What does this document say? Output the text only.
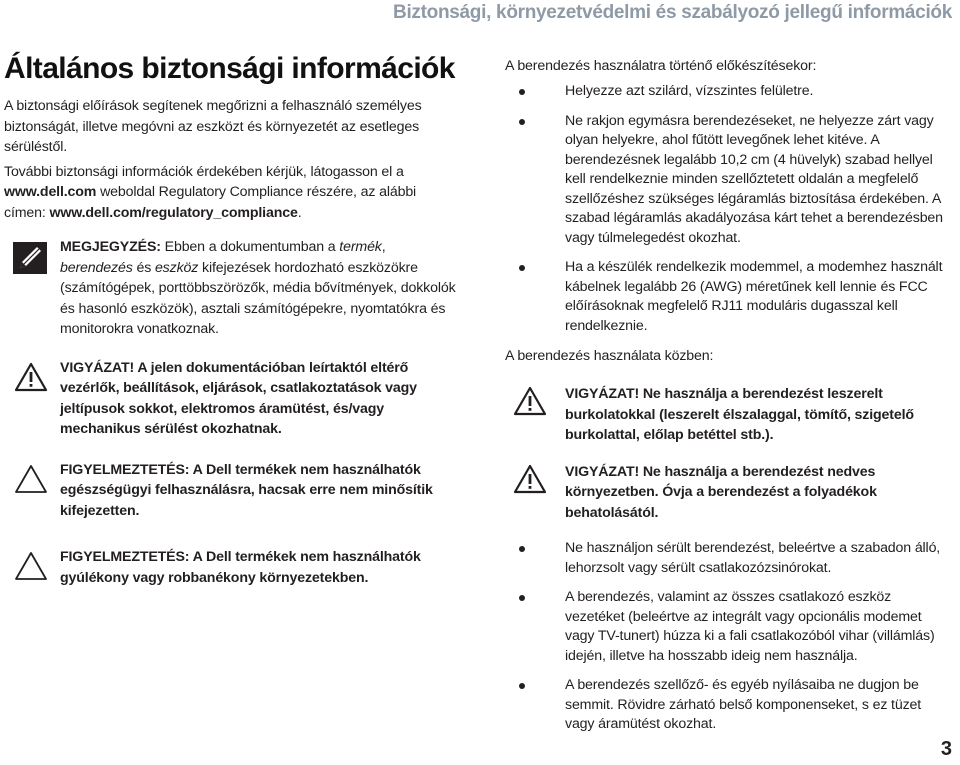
Biztonsági, környezetvédelmi és szabályozó jellegű információk
Általános biztonsági információk

A biztonsági előírások segítenek megőrizni a felhasználó személyes biztonságát, illetve megóvni az eszközt és környezetét az esetleges sérüléstől.

További biztonsági információk érdekében kérjük, látogasson el a www.dell.com weboldal Regulatory Compliance részére, az alábbi címen: www.dell.com/regulatory_compliance.

MEGJEGYZÉS: Ebben a dokumentumban a termék, berendezés és eszköz kifejezések hordozható eszközökre (számítógépek, porttöbbszörözők, média bővítmények, dokkolók és hasonló eszközök), asztali számítógépekre, nyomtatókra és monitorokra vonatkoznak.
VIGYÁZAT! A jelen dokumentációban leírtaktól eltérő vezérlők, beállítások, eljárások, csatlakoztatások vagy jeltípusok sokkot, elektromos áramütést, és/vagy mechanikus sérülést okozhatnak.
FIGYELMEZTETÉS: A Dell termékek nem használhatók egészségügyi felhasználásra, hacsak erre nem minősítik kifejezetten.
FIGYELMEZTETÉS: A Dell termékek nem használhatók gyúlékony vagy robbanékony környezetekben.

A berendezés használatra történő előkészítésekor:

Helyezze azt szilárd, vízszintes felületre.
Ne rakjon egymásra berendezéseket, ne helyezze zárt vagy olyan helyekre, ahol fűtött levegőnek lehet kitéve. A berendezésnek legalább 10,2 cm (4 hüvelyk) szabad hellyel kell rendelkeznie minden szellőztetett oldalán a megfelelő szellőzéshez szükséges légáramlás biztosítása érdekében. A szabad légáramlás akadályozása kárt tehet a berendezésben vagy túlmelegedést okozhat.
Ha a készülék rendelkezik modemmel, a modemhez használt kábelnek legalább 26 (AWG) méretűnek kell lennie és FCC előírásoknak megfelelő RJ11 moduláris dugasszal kell rendelkeznie.

A berendezés használata közben:

VIGYÁZAT! Ne használja a berendezést leszerelt burkolatokkal (leszerelt élszalaggal, tömítő, szigetelő burkolattal, előlap betéttel stb.).
VIGYÁZAT! Ne használja a berendezést nedves környezetben. Óvja a berendezést a folyadékok behatolásától.
Ne használjon sérült berendezést, beleértve a szabadon álló, lehorzsolt vagy sérült csatlakozózsinórokat.
A berendezés, valamint az összes csatlakozó eszköz vezetéket (beleértve az integrált vagy opcionális modemet vagy TV-tunert) húzza ki a fali csatlakozóból vihar (villámlás) idején, illetve ha hosszabb ideig nem használja.
A berendezés szellőző- és egyéb nyílásaiba ne dugjon be semmit. Rövidre zárható belső komponenseket, s ez tüzet vagy áramütést okozhat.
3
